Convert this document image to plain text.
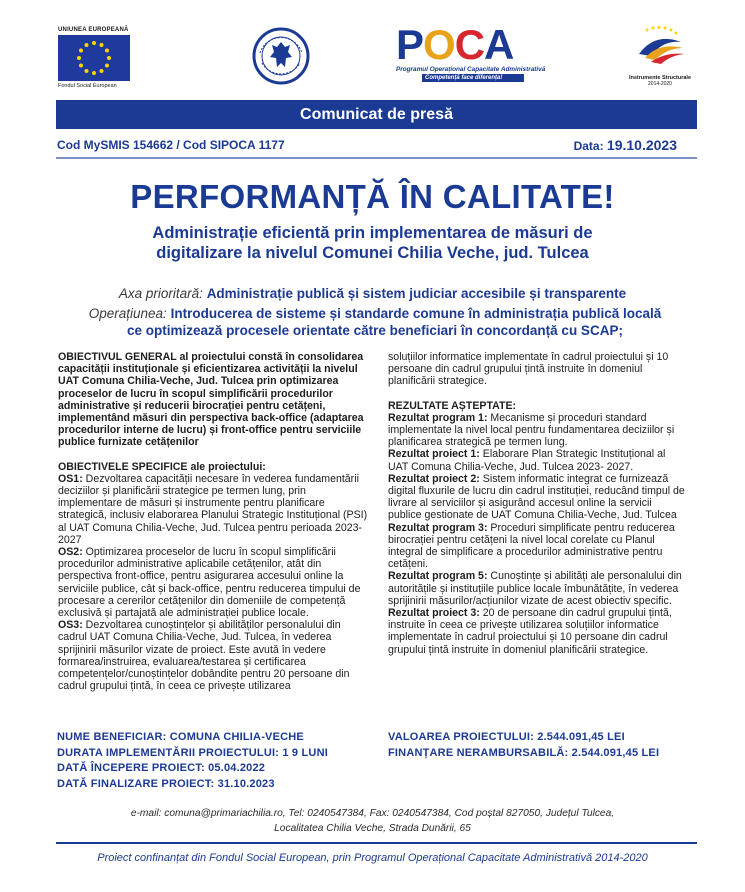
UNIUNEA EUROPEANĂ
Fondul Social European
POCA
Programul Operațional Capacitate Administrativă
Competență face diferența!	Instrumente Structurale
2014-2020
Comunicat de presă
Cod MySMIS 154662 / Cod SIPOCA 1177	Data: 19.10.2023
PERFORMANȚĂ ÎN CALITATE!
Administrație eficientă prin implementarea de măsuri de
digitalizare la nivelul Comunei Chilia Veche, jud. Tulcea
Axa prioritară: Administrație publică și sistem judiciar accesibile și transparente
Operațiunea: Introducerea de sisteme și standarde comune în administrația publică locală
ce optimizează procesele orientate către beneficiari în concordanță cu SCAP;

OBIECTIVUL GENERAL al proiectului constă în consolidarea capacității instituționale și eficientizarea activității la nivelul UAT Comuna Chilia-Veche, Jud. Tulcea prin optimizarea proceselor de lucru în scopul simplificării procedurilor administrative și reducerii birocrației pentru cetățeni, implementând măsuri din perspectiva back-office (adaptarea procedurilor interne de lucru) și front-office pentru serviciile publice furnizate cetățenilor

OBIECTIVELE SPECIFICE ale proiectului:

OS1: Dezvoltarea capacității necesare în vederea fundamentării deciziilor și planificării strategice pe termen lung, prin implementare de măsuri și instrumente pentru planificare strategică, inclusiv elaborarea Planului Strategic Instituțional (PSI) al UAT Comuna Chilia-Veche, Jud. Tulcea pentru perioada 2023-2027

OS2: Optimizarea proceselor de lucru în scopul simplificării procedurilor administrative aplicabile cetățenilor, atât din perspectiva front-office, pentru asigurarea accesului online la serviciile publice, cât și back-office, pentru reducerea timpului de procesare a cererilor cetățenilor din domeniile de competență exclusivă și partajată ale administrației publice locale.

OS3: Dezvoltarea cunoștințelor și abilităților personalului din cadrul UAT Comuna Chilia-Veche, Jud. Tulcea, în vederea sprijinirii măsurilor vizate de proiect. Este avută în vedere formarea/instruirea, evaluarea/testarea și certificarea competențelor/cunoștințelor dobândite pentru 20 persoane din cadrul grupului țintă, în ceea ce privește utilizarea

soluțiilor informatice implementate în cadrul proiectului și 10 persoane din cadrul grupului țintă instruite în domeniul planificării strategice.

REZULTATE AȘTEPTATE:

Rezultat program 1: Mecanisme și proceduri standard implementate la nivel local pentru fundamentarea deciziilor și planificarea strategică pe termen lung.

Rezultat proiect 1: Elaborare Plan Strategic Instituțional al UAT Comuna Chilia-Veche, Jud. Tulcea 2023- 2027.

Rezultat proiect 2: Sistem informatic integrat ce furnizează digital fluxurile de lucru din cadrul instituției, reducând timpul de livrare al serviciilor și asigurând accesul online la servicii publice gestionate de UAT Comuna Chilia-Veche, Jud. Tulcea

Rezultat program 3: Proceduri simplificate pentru reducerea birocrației pentru cetățeni la nivel local corelate cu Planul integral de simplificare a procedurilor administrative pentru cetățeni.

Rezultat program 5: Cunoștințe și abilități ale personalului din autoritățile și instituțiile publice locale îmbunătățite, în vederea sprijinirii măsurilor/acțiunilor vizate de acest obiectiv specific.

Rezultat proiect 3: 20 de persoane din cadrul grupului țintă, instruite în ceea ce privește utilizarea soluțiilor informatice implementate în cadrul proiectului și 10 persoane din cadrul grupului țintă instruite în domeniul planificării strategice.

NUME BENEFICIAR: COMUNA CHILIA-VECHE
DURATA IMPLEMENTĂRII PROIECTULUI: 1 9 LUNI
DATĂ ÎNCEPERE PROIECT: 05.04.2022
DATĂ FINALIZARE PROIECT: 31.10.2023
VALOAREA PROIECTULUI: 2.544.091,45 LEI
FINANȚARE NERAMBURSABILĂ: 2.544.091,45 LEI
e-mail: comuna@primariachilia.ro, Tel: 0240547384, Fax: 0240547384, Cod poștal 827050, Județul Tulcea,
Localitatea Chilia Veche, Strada Dunării, 65
Proiect confinanțat din Fondul Social European, prin Programul Operațional Capacitate Administrativă 2014-2020
